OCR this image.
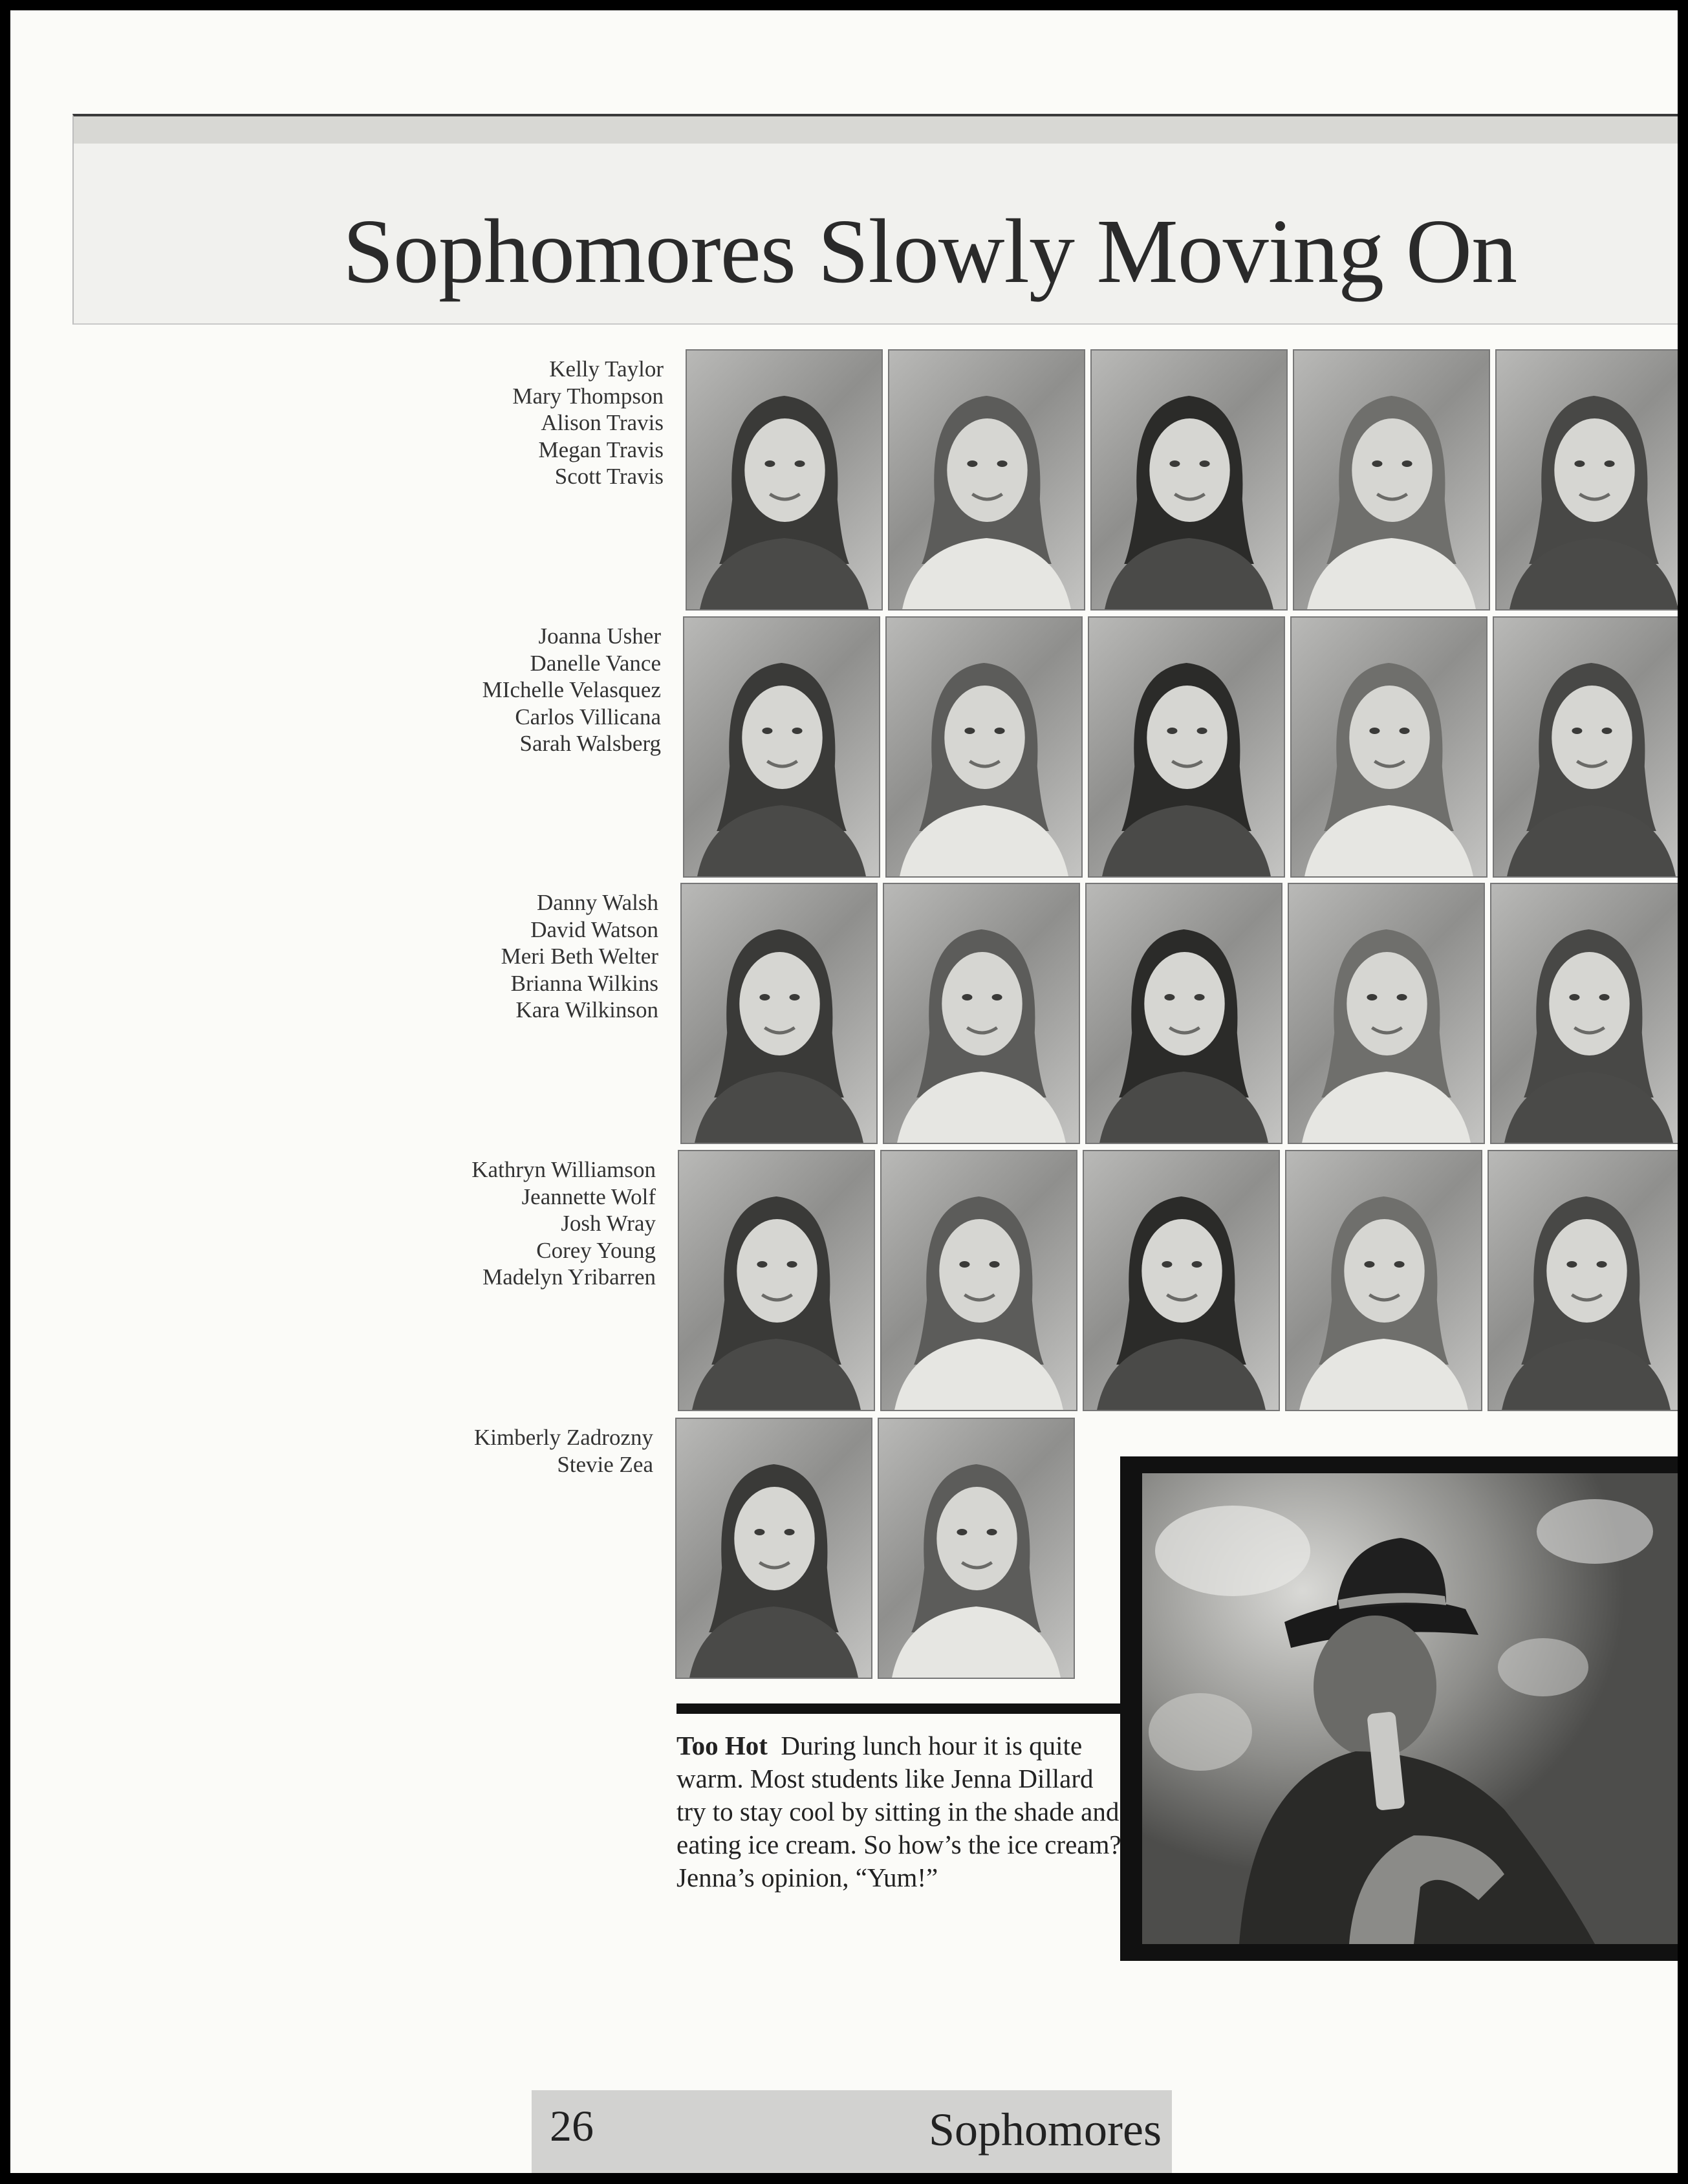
Sophomores Slowly Moving On
Kelly Taylor
Mary Thompson
Alison Travis
Megan Travis
Scott Travis
Joanna Usher
Danelle Vance
MIchelle Velasquez
Carlos Villicana
Sarah Walsberg
Danny Walsh
David Watson
Meri Beth Welter
Brianna Wilkins
Kara Wilkinson
Kathryn Williamson
Jeannette Wolf
Josh Wray
Corey Young
Madelyn Yribarren
Kimberly Zadrozny
Stevie Zea
Too Hot During lunch hour it is quite warm. Most students like Jenna Dillard try to stay cool by sitting in the shade and eating ice cream. So how’s the ice cream? Jenna’s opinion, “Yum!”
26	Sophomores
